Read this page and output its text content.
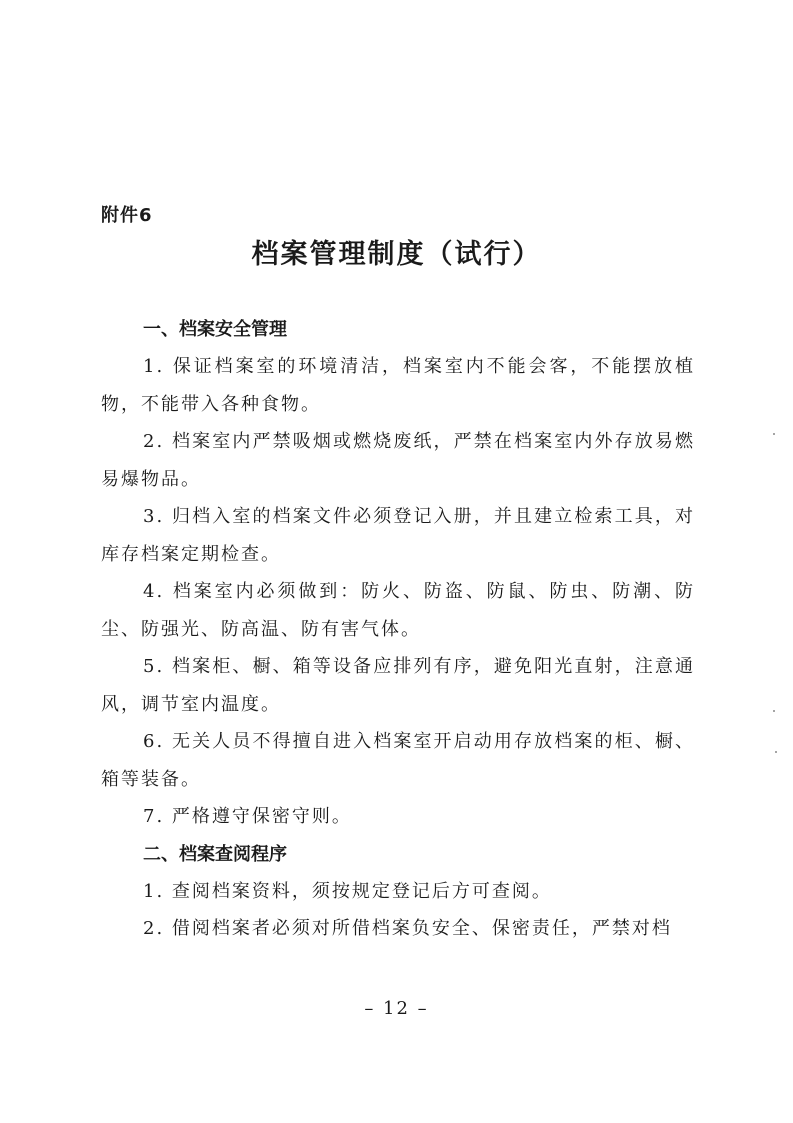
附件6
档案管理制度（试行）
一、档案安全管理
1. 保证档案室的环境清洁，档案室内不能会客，不能摆放植物，不能带入各种食物。
2. 档案室内严禁吸烟或燃烧废纸，严禁在档案室内外存放易燃易爆物品。
3. 归档入室的档案文件必须登记入册，并且建立检索工具，对库存档案定期检查。
4. 档案室内必须做到：防火、防盗、防鼠、防虫、防潮、防尘、防强光、防高温、防有害气体。
5. 档案柜、橱、箱等设备应排列有序，避免阳光直射，注意通风，调节室内温度。
6. 无关人员不得擅自进入档案室开启动用存放档案的柜、橱、箱等装备。
7. 严格遵守保密守则。
二、档案查阅程序
1. 查阅档案资料，须按规定登记后方可查阅。
2. 借阅档案者必须对所借档案负安全、保密责任，严禁对档
– 12 –
